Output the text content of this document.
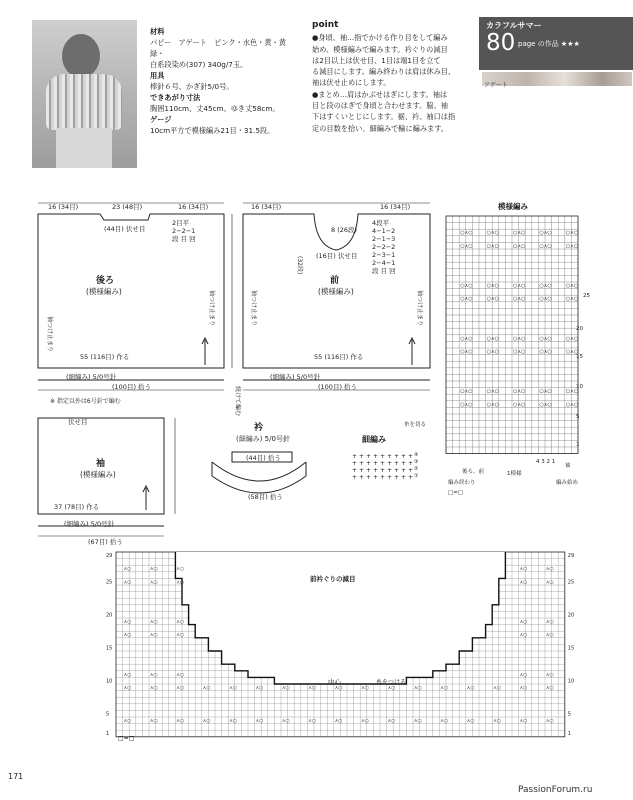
材料
パピー　アゲート　ピンク・水色・黄・黄緑・
白系段染め(307) 340g/7玉。
用具
棒針６号、かぎ針5/0号。
できあがり寸法
胸囲110cm、丈45cm、ゆき丈58cm。
ゲージ
10cm平方で模様編み21目・31.5段。
point
●身頃、袖…指でかける作り目をして編み
始め、模様編みで編みます。衿ぐりの減目
は2目以上は伏せ目、1目は端1目を立て
る減目にします。編み終わりは肩は休み目、
袖は伏せ止めにします。
●まとめ…肩はかぶせはぎにします。袖は
目と段のはぎで身頃と合わせます。脇、袖
下はすくいとじにします。裾、衿、袖口は指
定の目数を拾い、細編みで輪に編みます。
カラフルサマー
80 page の作品 ★★★
アゲート
16 (34目)	23 (48目)	16 (34目)
(44目) 伏せ目
2目平
2−2−1
段 目 回
後ろ
(模様編み)
55 (116目) 作る
(細編み) 5/0号針
(100目) 拾う
袖つけ止まり
袖つけ止まり
16 (34目)	16 (34目)
8 (26段)
(16目) 伏せ目
4段平
4−1−2
2−1−3
2−2−2
2−3−1
2−4−1
段 目 回
前
(模様編み)
55 (116目) 作る
(細編み) 5/0号針
(100目) 拾う
※ 指定以外は6号針で編む
(32段)
袖つけ止まり	袖つけ止まり
続けて編む
伏せ目
袖
(模様編み)
37 (78目) 作る
(細編み) 5/0号針
(67目) 拾う
衿
(細編み) 5/0号針
(44目) 拾う
(58目) 拾う
細編み
糸を切る
④
③
②
①
+ + + + + + + + +
+ + + + + + + + +
+ + + + + + + + +
+ + + + + + + + +
模様編み
○⋏○	○⋏○	○⋏○	○⋏○	○⋏○
○⋏○	○⋏○	○⋏○	○⋏○	○⋏○
○⋏○	○⋏○	○⋏○	○⋏○	○⋏○
○⋏○	○⋏○	○⋏○	○⋏○	○⋏○
○⋏○	○⋏○	○⋏○	○⋏○	○⋏○
○⋏○	○⋏○	○⋏○	○⋏○	○⋏○
○⋏○	○⋏○	○⋏○	○⋏○	○⋏○
○⋏○	○⋏○	○⋏○	○⋏○	○⋏○
25
20
15
10
5
1
4 3 2 1
後ろ、前
袖
1模様
編み終わり	編み始め
□=□
⋏○	⋏○	⋏○	⋏○	⋏○
⋏○	⋏○	⋏○	⋏○	⋏○
⋏○	⋏○	⋏○	⋏○	⋏○
⋏○	⋏○	⋏○	⋏○	⋏○
⋏○	⋏○	⋏○	⋏○	⋏○
⋏○	⋏○	⋏○	⋏○	⋏○	⋏○	⋏○	⋏○	⋏○	⋏○	⋏○	⋏○	⋏○	⋏○	⋏○	⋏○	⋏○
⋏○	⋏○	⋏○	⋏○	⋏○	⋏○	⋏○	⋏○	⋏○	⋏○	⋏○	⋏○	⋏○	⋏○	⋏○	⋏○	⋏○
29
29
25
25
20
20
15
15
10
10
5
5
1
1
前衿ぐりの減目
中心	糸をつける
□=□
171
PassionForum.ru
